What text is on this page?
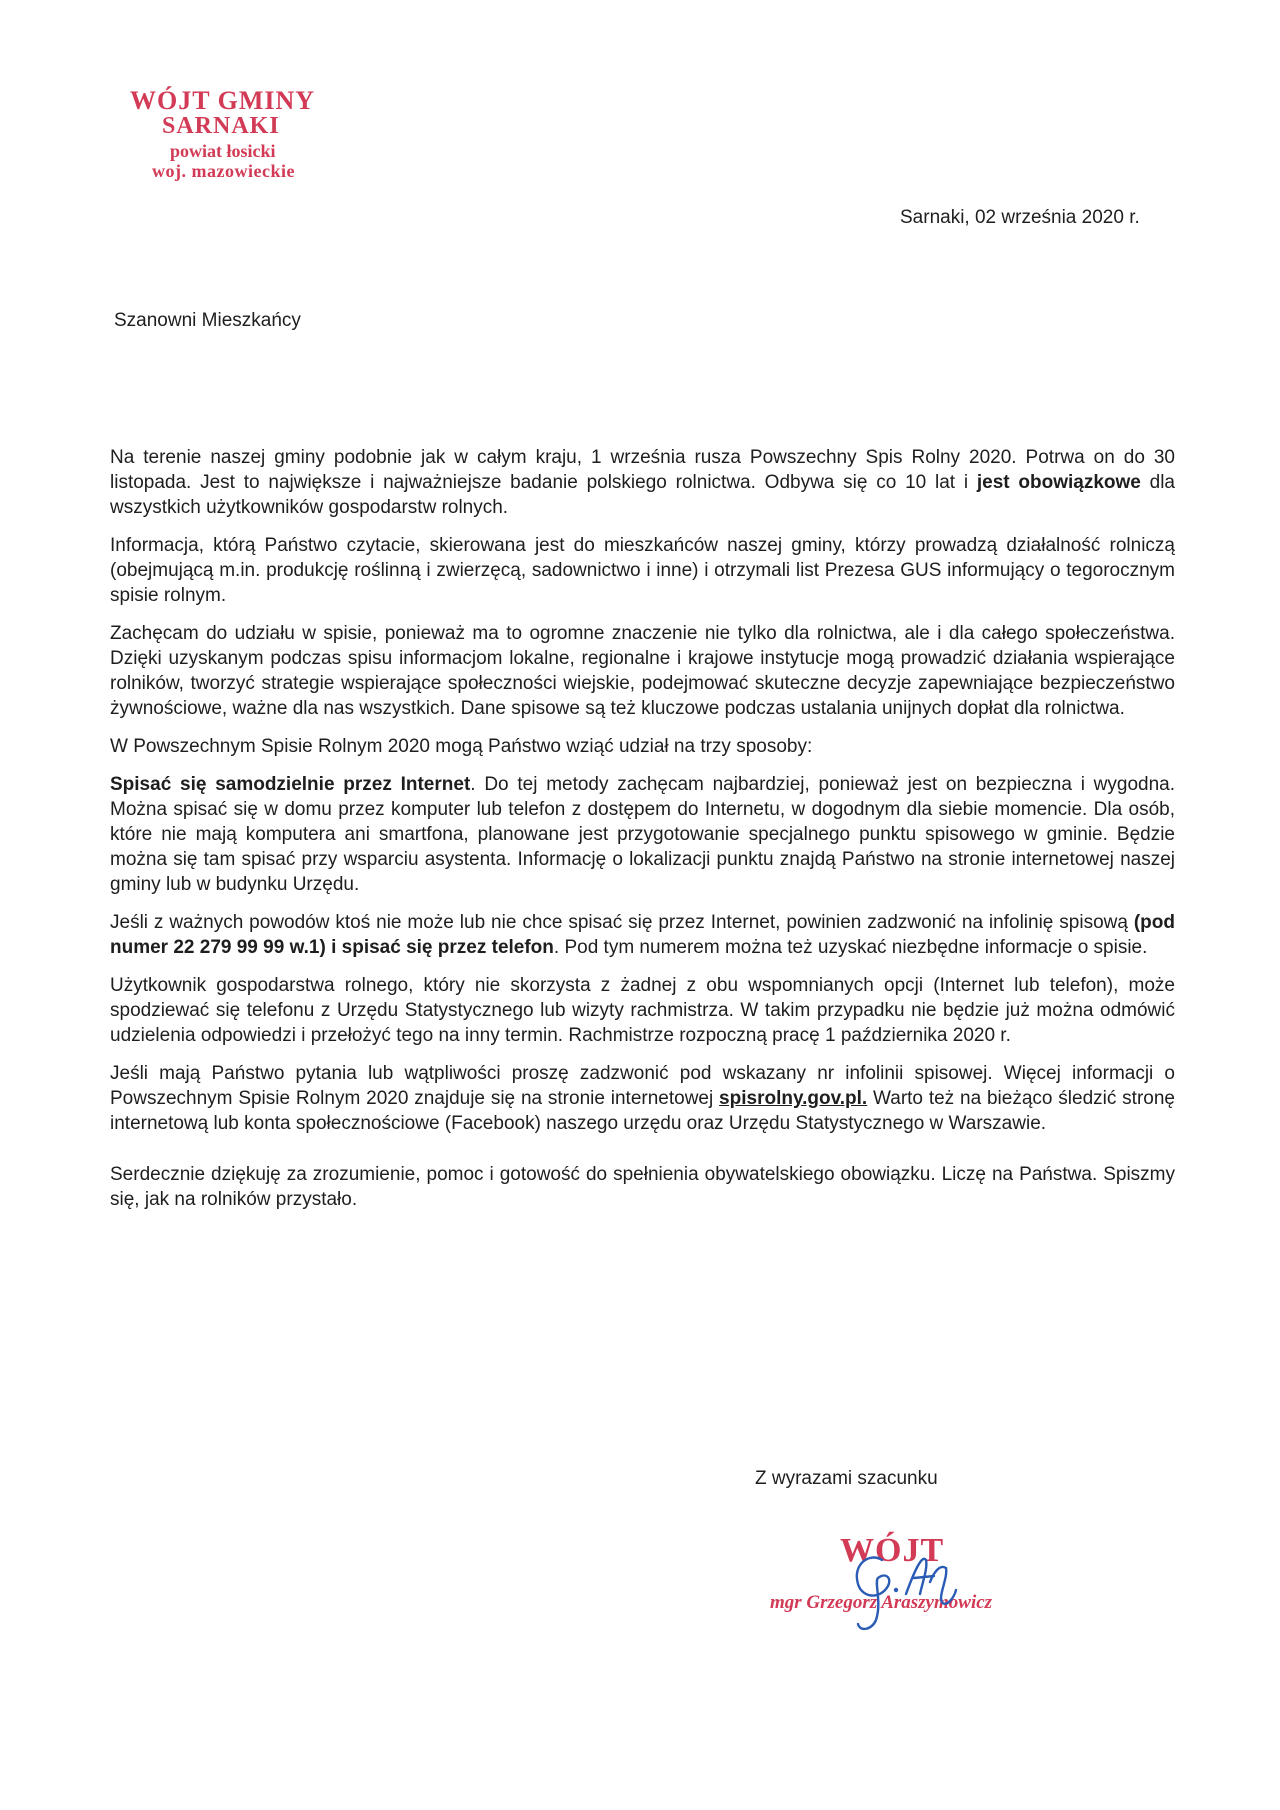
WÓJT GMINY
SARNAKI
powiat łosicki
woj. mazowieckie
Sarnaki, 02 września 2020 r.
Szanowni Mieszkańcy

Na terenie naszej gminy podobnie jak w całym kraju, 1 września rusza Powszechny Spis Rolny 2020. Potrwa on do 30 listopada. Jest to największe i najważniejsze badanie polskiego rolnictwa. Odbywa się co 10 lat i jest obowiązkowe dla wszystkich użytkowników gospodarstw rolnych.

Informacja, którą Państwo czytacie, skierowana jest do mieszkańców naszej gminy, którzy prowadzą działalność rolniczą (obejmującą m.in. produkcję roślinną i zwierzęcą, sadownictwo i inne) i otrzymali list Prezesa GUS informujący o tegorocznym spisie rolnym.

Zachęcam do udziału w spisie, ponieważ ma to ogromne znaczenie nie tylko dla rolnictwa, ale i dla całego społeczeństwa. Dzięki uzyskanym podczas spisu informacjom lokalne, regionalne i krajowe instytucje mogą prowadzić działania wspierające rolników, tworzyć strategie wspierające społeczności wiejskie, podejmować skuteczne decyzje zapewniające bezpieczeństwo żywnościowe, ważne dla nas wszystkich. Dane spisowe są też kluczowe podczas ustalania unijnych dopłat dla rolnictwa.

W Powszechnym Spisie Rolnym 2020 mogą Państwo wziąć udział na trzy sposoby:

Spisać się samodzielnie przez Internet. Do tej metody zachęcam najbardziej, ponieważ jest on bezpieczna i wygodna. Można spisać się w domu przez komputer lub telefon z dostępem do Internetu, w dogodnym dla siebie momencie. Dla osób, które nie mają komputera ani smartfona, planowane jest przygotowanie specjalnego punktu spisowego w gminie. Będzie można się tam spisać przy wsparciu asystenta. Informację o lokalizacji punktu znajdą Państwo na stronie internetowej naszej gminy lub w budynku Urzędu.

Jeśli z ważnych powodów ktoś nie może lub nie chce spisać się przez Internet, powinien zadzwonić na infolinię spisową (pod numer 22 279 99 99 w.1) i spisać się przez telefon. Pod tym numerem można też uzyskać niezbędne informacje o spisie.

Użytkownik gospodarstwa rolnego, który nie skorzysta z żadnej z obu wspomnianych opcji (Internet lub telefon), może spodziewać się telefonu z Urzędu Statystycznego lub wizyty rachmistrza. W takim przypadku nie będzie już można odmówić udzielenia odpowiedzi i przełożyć tego na inny termin. Rachmistrze rozpoczną pracę 1 października 2020 r.

Jeśli mają Państwo pytania lub wątpliwości proszę zadzwonić pod wskazany nr infolinii spisowej. Więcej informacji o Powszechnym Spisie Rolnym 2020 znajduje się na stronie internetowej spisrolny.gov.pl. Warto też na bieżąco śledzić stronę internetową lub konta społecznościowe (Facebook) naszego urzędu oraz Urzędu Statystycznego w Warszawie.

Serdecznie dziękuję za zrozumienie, pomoc i gotowość do spełnienia obywatelskiego obowiązku. Liczę na Państwa. Spiszmy się, jak na rolników przystało.

Z wyrazami szacunku
WÓJT
mgr Grzegorz Araszymowicz
